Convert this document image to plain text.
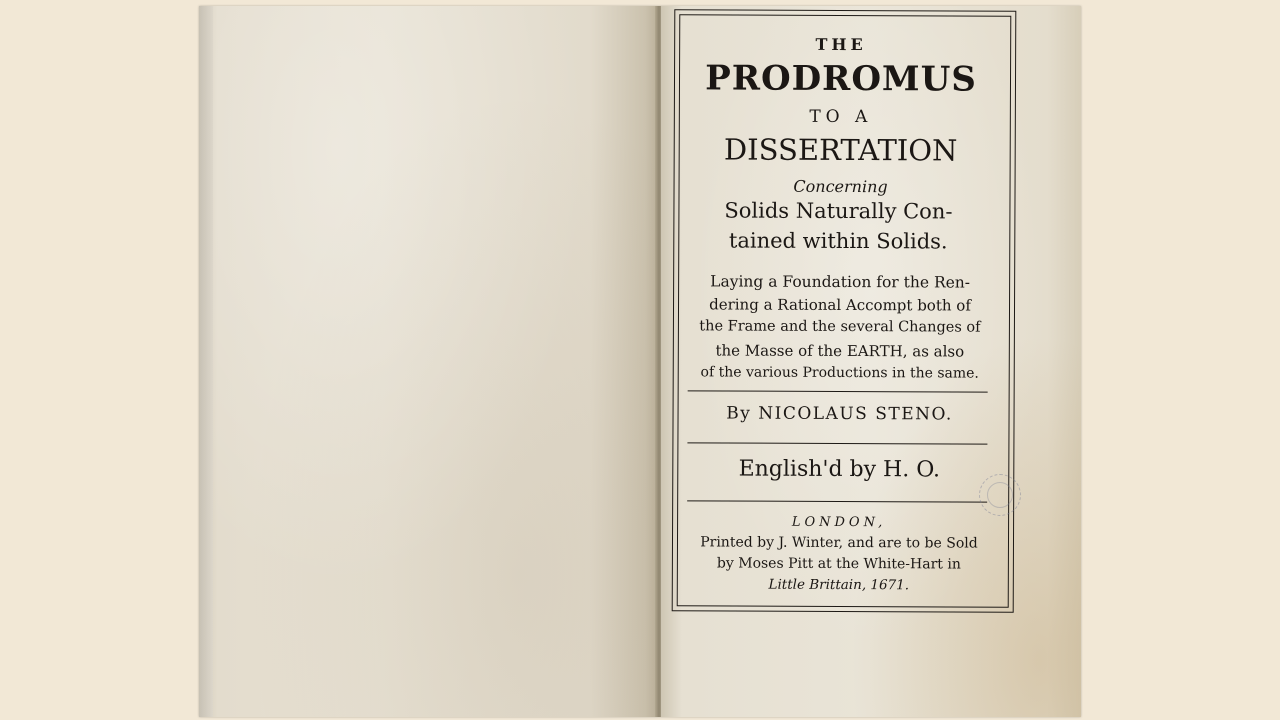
THE

PRODROMUS

TO A

DISSERTATION

Concerning

Solids Naturally Con-

tained within Solids.

Laying a Foundation for the Ren-

dering a Rational Accompt both of

the Frame and the several Changes of

the Masse of the EARTH, as also

of the various Productions in the same.

By NICOLAUS STENO.

English'd by H. O.

LONDON,

Printed by J. Winter, and are to be Sold

by Moses Pitt at the White-Hart in

Little Brittain, 1671.
